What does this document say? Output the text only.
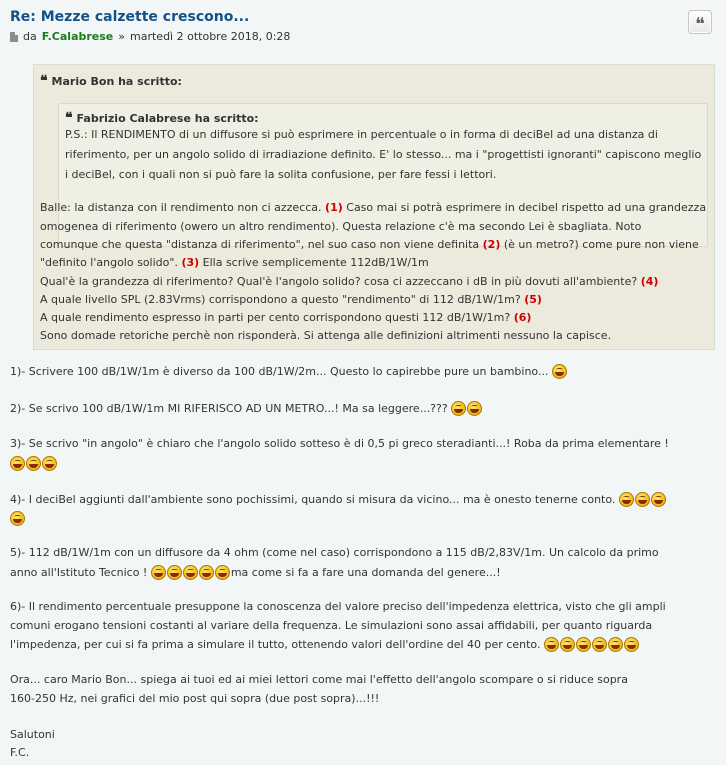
Re: Mezze calzette crescono...	❝
da F.Calabrese » martedì 2 ottobre 2018, 0:28
❝ Mario Bon ha scritto:
❝ Fabrizio Calabrese ha scritto:
P.S.: Il RENDIMENTO di un diffusore si può esprimere in percentuale o in forma di deciBel ad una distanza di
riferimento, per un angolo solido di irradiazione definito. E' lo stesso... ma i "progettisti ignoranti" capiscono meglio
i deciBel, con i quali non si può fare la solita confusione, per fare fessi i lettori.
Balle: la distanza con il rendimento non ci azzecca. (1) Caso mai si potrà esprimere in decibel rispetto ad una grandezza
omogenea di riferimento (owero un altro rendimento). Questa relazione c'è ma secondo Lei è sbagliata. Noto
comunque che questa "distanza di riferimento", nel suo caso non viene definita (2) (è un metro?) come pure non viene
"definito l'angolo solido". (3) Ella scrive semplicemente 112dB/1W/1m
Qual'è la grandezza di riferimento? Qual'è l'angolo solido? cosa ci azzeccano i dB in più dovuti all'ambiente? (4)
A quale livello SPL (2.83Vrms) corrispondono a questo "rendimento" di 112 dB/1W/1m? (5)
A quale rendimento espresso in parti per cento corrispondono questi 112 dB/1W/1m? (6)
Sono domade retoriche perchè non risponderà. Si attenga alle definizioni altrimenti nessuno la capisce.
1)- Scrivere 100 dB/1W/1m è diverso da 100 dB/1W/2m... Questo lo capirebbe pure un bambino...

2)- Se scrivo 100 dB/1W/1m MI RIFERISCO AD UN METRO...! Ma sa leggere...???

3)- Se scrivo "in angolo" è chiaro che l'angolo solido sotteso è di 0,5 pi greco steradianti...! Roba da prima elementare !
4)- I deciBel aggiunti dall'ambiente sono pochissimi, quando si misura da vicino... ma è onesto tenerne conto.

5)- 112 dB/1W/1m con un diffusore da 4 ohm (come nel caso) corrispondono a 115 dB/2,83V/1m. Un calcolo da primo
anno all'Istituto Tecnico !
	ma come si fa a fare una domanda del genere...!
6)- Il rendimento percentuale presuppone la conoscenza del valore preciso dell'impedenza elettrica, visto che gli ampli
comuni erogano tensioni costanti al variare della frequenza. Le simulazioni sono assai affidabili, per quanto riguarda
l'impedenza, per cui si fa prima a simulare il tutto, ottenendo valori dell'ordine del 40 per cento.

Ora... caro Mario Bon... spiega ai tuoi ed ai miei lettori come mai l'effetto dell'angolo scompare o si riduce sopra
160-250 Hz, nei grafici del mio post qui sopra (due post sopra)...!!!
Salutoni
F.C.
